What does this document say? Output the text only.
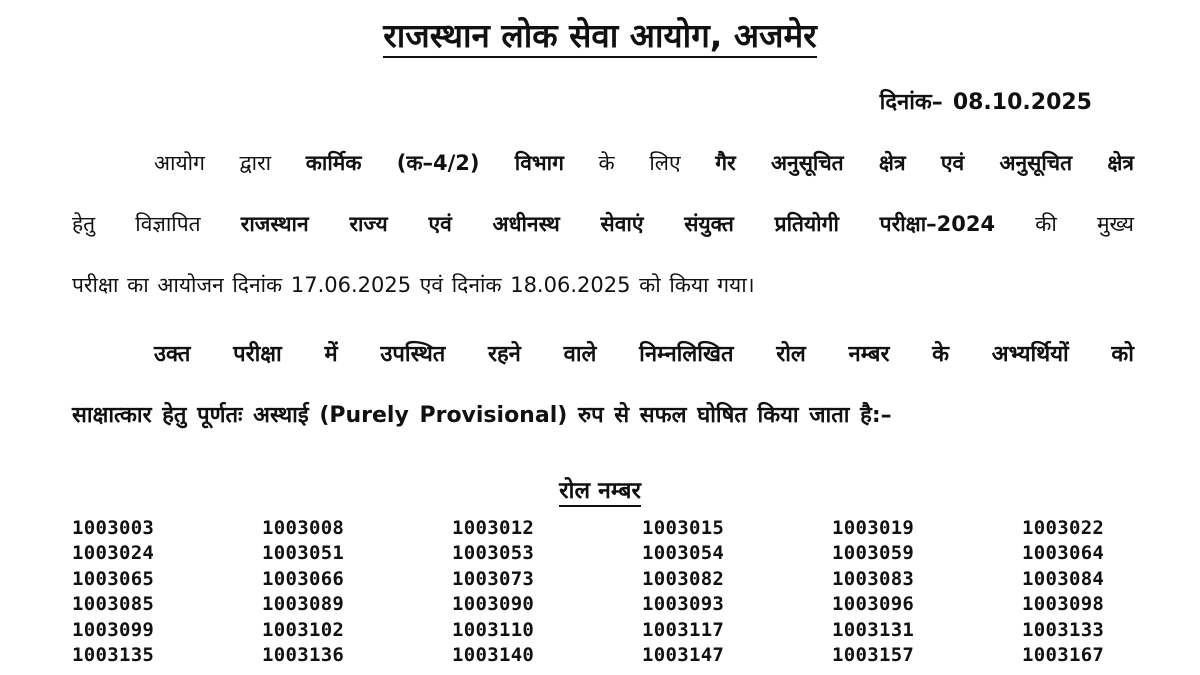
राजस्थान लोक सेवा आयोग, अजमेर
दिनांक– 08.10.2025
आयोग द्वारा कार्मिक (क–4/2) विभाग के लिए गैर अनुसूचित क्षेत्र एवं अनुसूचित क्षेत्र
हेतु विज्ञापित राजस्थान राज्य एवं अधीनस्थ सेवाएं संयुक्त प्रतियोगी परीक्षा–2024 की मुख्य
परीक्षा का आयोजन दिनांक 17.06.2025 एवं दिनांक 18.06.2025 को किया गया।
उक्त परीक्षा में उपस्थित रहने वाले निम्नलिखित रोल नम्बर के अभ्यर्थियों को
साक्षात्कार हेतु पूर्णतः अस्थाई (Purely Provisional) रुप से सफल घोषित किया जाता है:–
रोल नम्बर
1003003	1003008	1003012	1003015	1003019	1003022
1003024	1003051	1003053	1003054	1003059	1003064
1003065	1003066	1003073	1003082	1003083	1003084
1003085	1003089	1003090	1003093	1003096	1003098
1003099	1003102	1003110	1003117	1003131	1003133
1003135	1003136	1003140	1003147	1003157	1003167
